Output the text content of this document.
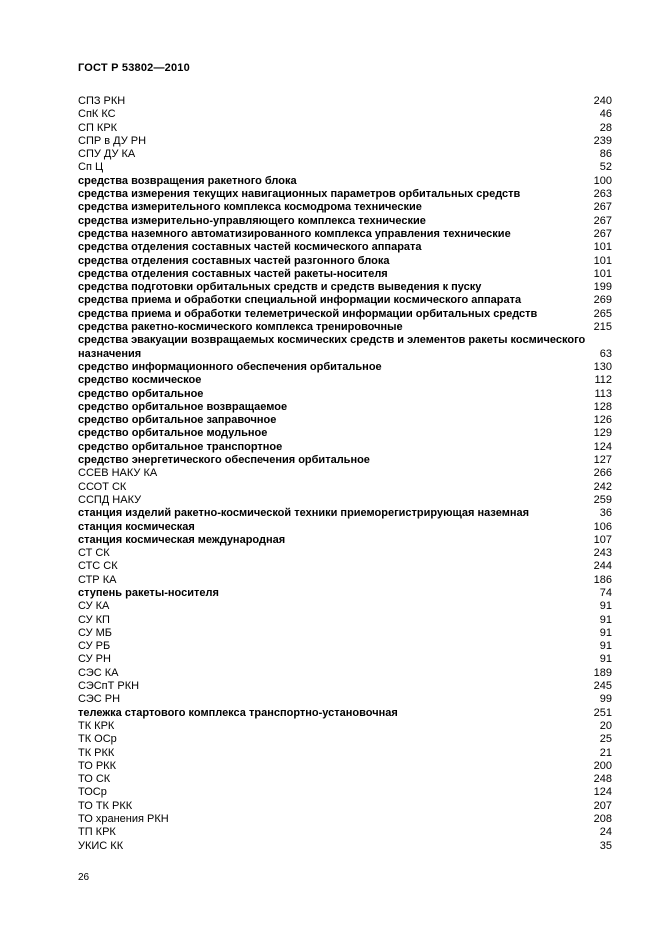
ГОСТ Р 53802—2010
СПЗ РКН	240
СпК КС	46
СП КРК	28
СПР в ДУ РН	239
СПУ ДУ КА	86
Сп Ц	52
средства возвращения ракетного блока	100
средства измерения текущих навигационных параметров орбитальных средств	263
средства измерительного комплекса космодрома технические	267
средства измерительно-управляющего комплекса технические	267
средства наземного автоматизированного комплекса управления технические	267
средства отделения составных частей космического аппарата	101
средства отделения составных частей разгонного блока	101
средства отделения составных частей ракеты-носителя	101
средства подготовки орбитальных средств и средств выведения к пуску	199
средства приема и обработки специальной информации космического аппарата	269
средства приема и обработки телеметрической информации орбитальных средств	265
средства ракетно-космического комплекса тренировочные	215
средства эвакуации возвращаемых космических средств и элементов ракеты космического назначения	63
средство информационного обеспечения орбитальное	130
средство космическое	112
средство орбитальное	113
средство орбитальное возвращаемое	128
средство орбитальное заправочное	126
средство орбитальное модульное	129
средство орбитальное транспортное	124
средство энергетического обеспечения орбитальное	127
ССЕВ НАКУ КА	266
ССОТ СК	242
ССПД НАКУ	259
станция изделий ракетно-космической техники приеморегистрирующая наземная	36
станция космическая	106
станция космическая международная	107
СТ СК	243
СТС СК	244
СТР КА	186
ступень ракеты-носителя	74
СУ КА	91
СУ КП	91
СУ МБ	91
СУ РБ	91
СУ РН	91
СЭС КА	189
СЭСпТ РКН	245
СЭС РН	99
тележка стартового комплекса транспортно-установочная	251
ТК КРК	20
ТК ОСр	25
ТК РКК	21
ТО РКК	200
ТО СК	248
ТОСр	124
ТО ТК РКК	207
ТО хранения РКН	208
ТП КРК	24
УКИС КК	35
26
